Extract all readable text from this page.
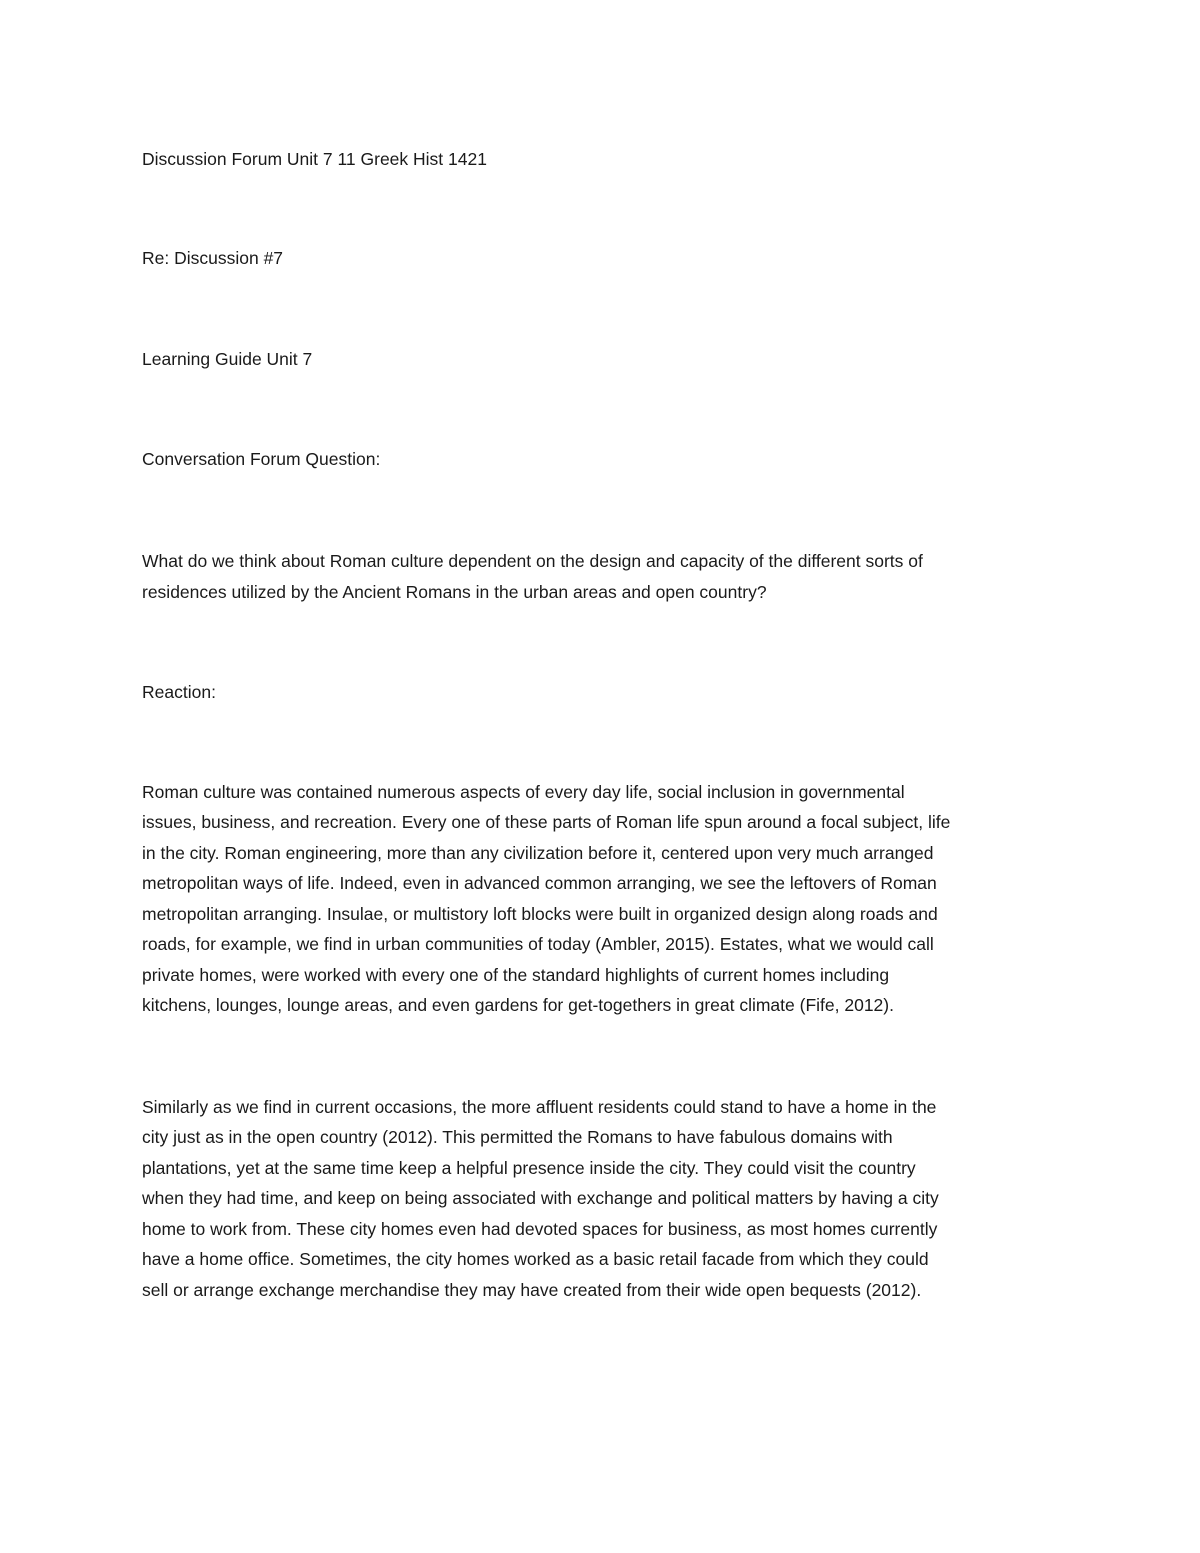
Discussion Forum Unit 7 11 Greek Hist 1421
Re: Discussion #7
Learning Guide Unit 7
Conversation Forum Question:

What do we think about Roman culture dependent on the design and capacity of the different sorts of
residences utilized by the Ancient Romans in the urban areas and open country?

Reaction:

Roman culture was contained numerous aspects of every day life, social inclusion in governmental
issues, business, and recreation. Every one of these parts of Roman life spun around a focal subject, life
in the city. Roman engineering, more than any civilization before it, centered upon very much arranged
metropolitan ways of life. Indeed, even in advanced common arranging, we see the leftovers of Roman
metropolitan arranging. Insulae, or multistory loft blocks were built in organized design along roads and
roads, for example, we find in urban communities of today (Ambler, 2015). Estates, what we would call
private homes, were worked with every one of the standard highlights of current homes including
kitchens, lounges, lounge areas, and even gardens for get-togethers in great climate (Fife, 2012).

Similarly as we find in current occasions, the more affluent residents could stand to have a home in the
city just as in the open country (2012). This permitted the Romans to have fabulous domains with
plantations, yet at the same time keep a helpful presence inside the city. They could visit the country
when they had time, and keep on being associated with exchange and political matters by having a city
home to work from. These city homes even had devoted spaces for business, as most homes currently
have a home office. Sometimes, the city homes worked as a basic retail facade from which they could
sell or arrange exchange merchandise they may have created from their wide open bequests (2012).
